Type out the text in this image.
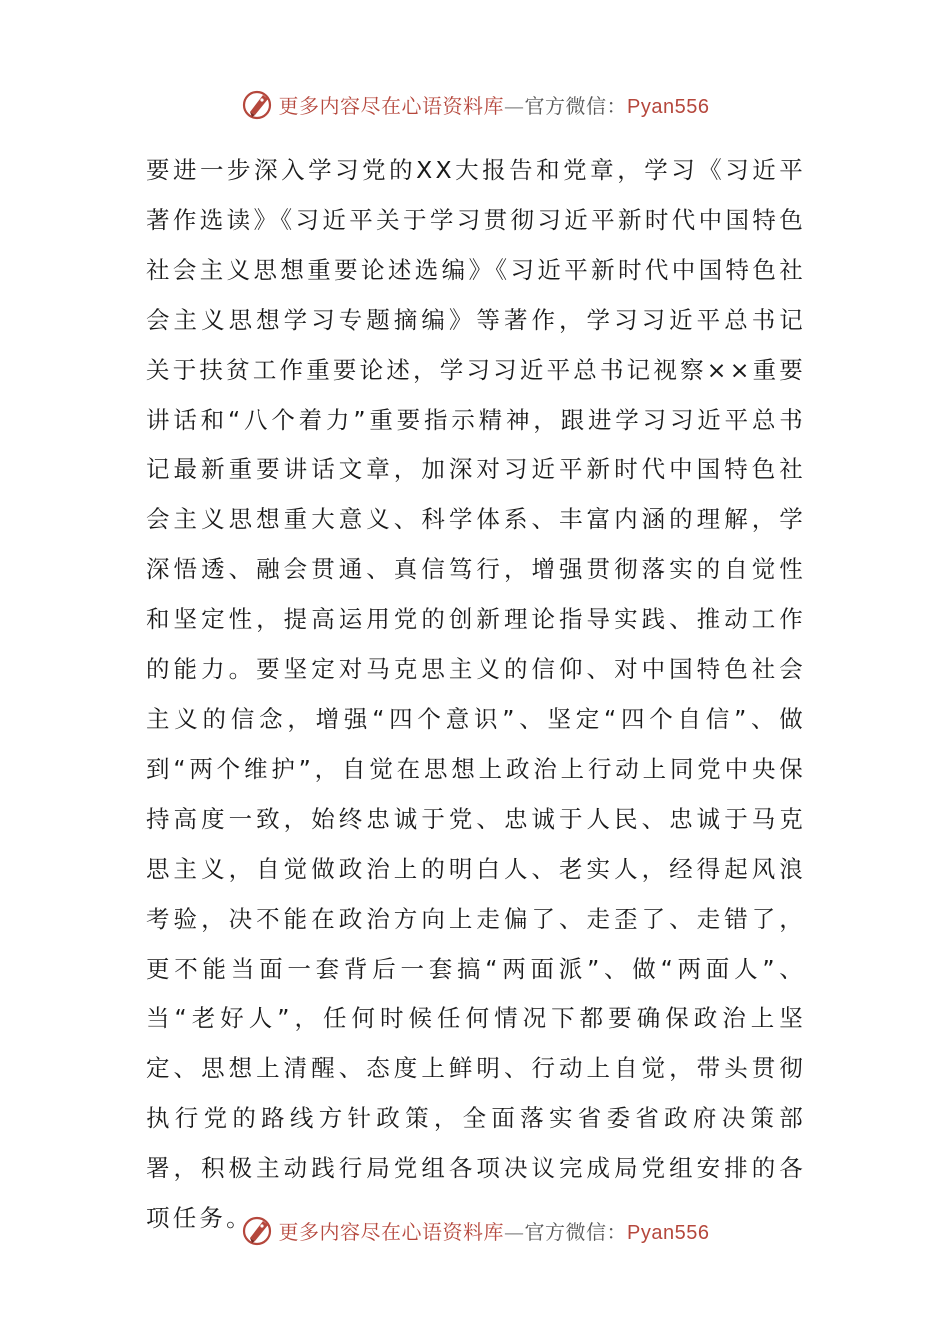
更多内容尽在心语资料库—官方微信：Pyan556

要进一步深入学习党的XX大报告和党章，学习《习近平著作选读》《习近平关于学习贯彻习近平新时代中国特色社会主义思想重要论述选编》《习近平新时代中国特色社会主义思想学习专题摘编》等著作，学习习近平总书记关于扶贫工作重要论述，学习习近平总书记视察××重要讲话和“八个着力”重要指示精神，跟进学习习近平总书记最新重要讲话文章，加深对习近平新时代中国特色社会主义思想重大意义、科学体系、丰富内涵的理解，学深悟透、融会贯通、真信笃行，增强贯彻落实的自觉性和坚定性，提高运用党的创新理论指导实践、推动工作的能力。要坚定对马克思主义的信仰、对中国特色社会主义的信念，增强“四个意识”、坚定“四个自信”、做到“两个维护”，自觉在思想上政治上行动上同党中央保持高度一致，始终忠诚于党、忠诚于人民、忠诚于马克思主义，自觉做政治上的明白人、老实人，经得起风浪考验，决不能在政治方向上走偏了、走歪了、走错了，更不能当面一套背后一套搞“两面派”、做“两面人”、当“老好人”，任何时候任何情况下都要确保政治上坚定、思想上清醒、态度上鲜明、行动上自觉，带头贯彻执行党的路线方针政策，全面落实省委省政府决策部署，积极主动践行局党组各项决议完成局党组安排的各项任务。	更多内容尽在心语资料库—官方微信：Pyan556
